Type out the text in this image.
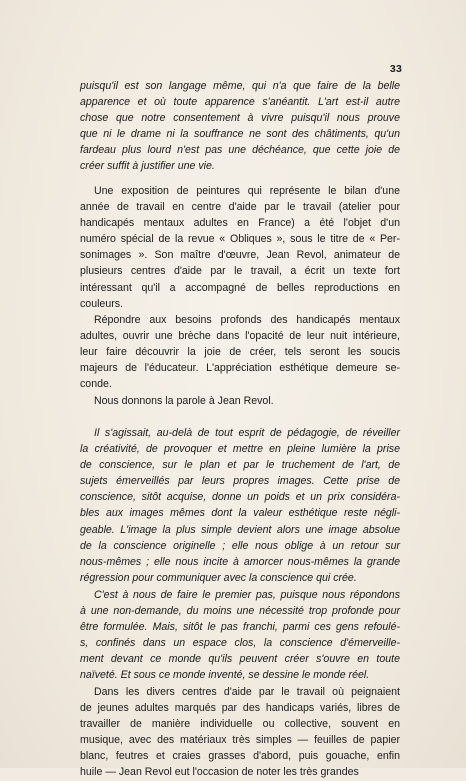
33
puisqu'il est son langage même, qui n'a que faire de la belle
apparence et où toute apparence s'anéantit. L'art est-il autre
chose que notre consentement à vivre puisqu'il nous prouve
que ni le drame ni la souffrance ne sont des châtiments, qu'un
fardeau plus lourd n'est pas une déchéance, que cette joie de
créer suffit à justifier une vie.
Une exposition de peintures qui représente le bilan d'une
année de travail en centre d'aide par le travail (atelier pour
handicapés mentaux adultes en France) a été l'objet d'un
numéro spécial de la revue « Obliques », sous le titre de « Per-
sonimages ». Son maître d'œuvre, Jean Revol, animateur de
plusieurs centres d'aide par le travail, a écrit un texte fort
intéressant qu'il a accompagné de belles reproductions en
couleurs.
Répondre aux besoins profonds des handicapés mentaux
adultes, ouvrir une brèche dans l'opacité de leur nuit intérieure,
leur faire découvrir la joie de créer, tels seront les soucis
majeurs de l'éducateur. L'appréciation esthétique demeure se-
conde.
Nous donnons la parole à Jean Revol.
Il s'agissait, au-delà de tout esprit de pédagogie, de réveiller
la créativité, de provoquer et mettre en pleine lumière la prise
de conscience, sur le plan et par le truchement de l'art, de
sujets émerveillés par leurs propres images. Cette prise de
conscience, sitôt acquise, donne un poids et un prix considéra-
bles aux images mêmes dont la valeur esthétique reste négli-
geable. L'image la plus simple devient alors une image absolue
de la conscience originelle ; elle nous oblige à un retour sur
nous-mêmes ; elle nous incite à amorcer nous-mêmes la grande
régression pour communiquer avec la conscience qui crée.
C'est à nous de faire le premier pas, puisque nous répondons
à une non-demande, du moins une nécessité trop profonde pour
être formulée. Mais, sitôt le pas franchi, parmi ces gens refoulé-
s, confinés dans un espace clos, la conscience d'émerveille-
ment devant ce monde qu'ils peuvent créer s'ouvre en toute
naïveté. Et sous ce monde inventé, se dessine le monde réel.
Dans les divers centres d'aide par le travail où peignaient
de jeunes adultes marqués par des handicaps variés, libres de
travailler de manière individuelle ou collective, souvent en
musique, avec des matériaux très simples — feuilles de papier
blanc, feutres et craies grasses d'abord, puis gouache, enfin
huile — Jean Revol eut l'occasion de noter les très grandes
